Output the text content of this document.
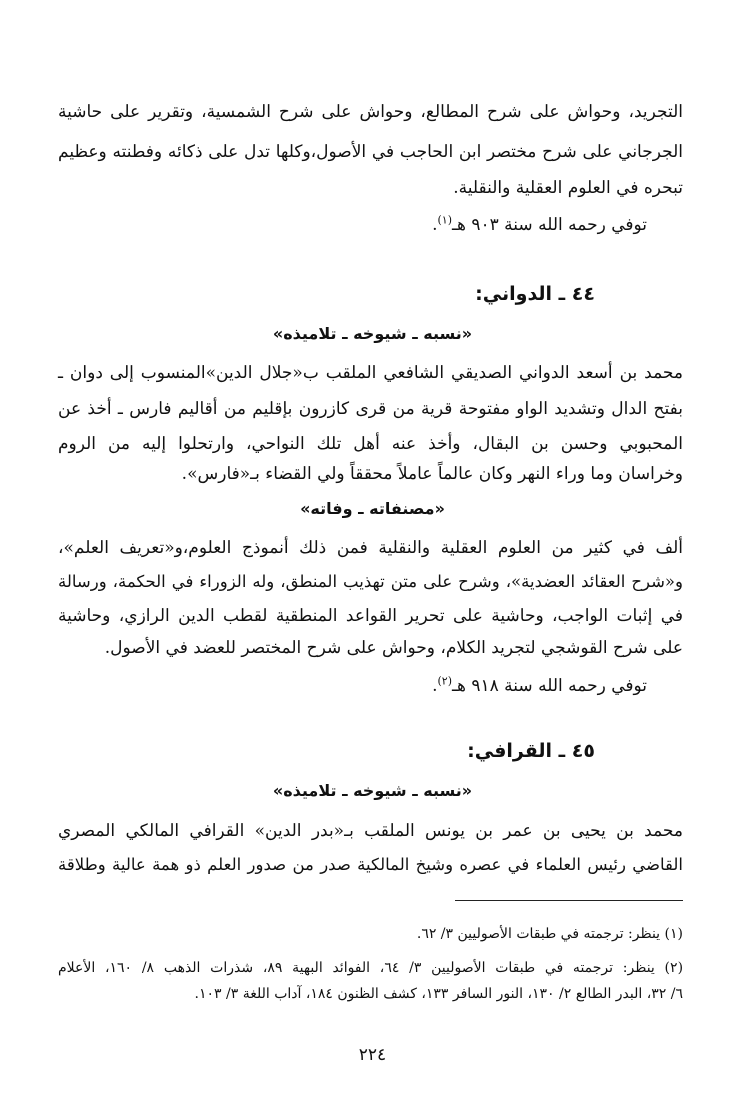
التجريد، وحواش على شرح المطالع، وحواش على شرح الشمسية، وتقرير على حاشية
الجرجاني على شرح مختصر ابن الحاجب في الأصول،وكلها تدل على ذكائه وفطنته وعظيم
تبحره في العلوم العقلية والنقلية.
توفي رحمه الله سنة ٩٠٣ هـ$^{(١)}$.
٤٤ ـ الدواني:
«نسبه ـ شيوخه ـ تلاميذه»
محمد بن أسعد الدواني الصديقي الشافعي الملقب ب«جلال الدين»المنسوب إلى دوان ـ
بفتح الدال وتشديد الواو مفتوحة قرية من قرى كازرون بإقليم من أقاليم فارس ـ أخذ عن
المحبوبي وحسن بن البقال، وأخذ عنه أهل تلك النواحي، وارتحلوا إليه من الروم
وخراسان وما وراء النهر وكان عالماً عاملاً محققاً ولي القضاء بـ«فارس».
«مصنفاته ـ وفاته»
ألف في كثير من العلوم العقلية والنقلية فمن ذلك أنموذج العلوم،و«تعريف العلم»،
و«شرح العقائد العضدية»، وشرح على متن تهذيب المنطق، وله الزوراء في الحكمة، ورسالة
في إثبات الواجب، وحاشية على تحرير القواعد المنطقية لقطب الدين الرازي، وحاشية
على شرح القوشجي لتجريد الكلام، وحواش على شرح المختصر للعضد في الأصول.
توفي رحمه الله سنة ٩١٨ هـ$^{(٢)}$.
٤٥ ـ القرافي:
«نسبه ـ شيوخه ـ تلاميذه»
محمد بن يحيى بن عمر بن يونس الملقب بـ«بدر الدين» القرافي المالكي المصري
القاضي رئيس العلماء في عصره وشيخ المالكية صدر من صدور العلم ذو همة عالية وطلاقة
(١) ينظر: ترجمته في طبقات الأصوليين ٣/ ٦٢.
(٢) ينظر: ترجمته في طبقات الأصوليين ٣/ ٦٤، الفوائد البهية ٨٩، شذرات الذهب ٨/ ١٦٠، الأعلام
٦/ ٣٢، البدر الطالع ٢/ ١٣٠، النور السافر ١٣٣، كشف الظنون ١٨٤، آداب اللغة ٣/ ١٠٣.
٢٢٤
